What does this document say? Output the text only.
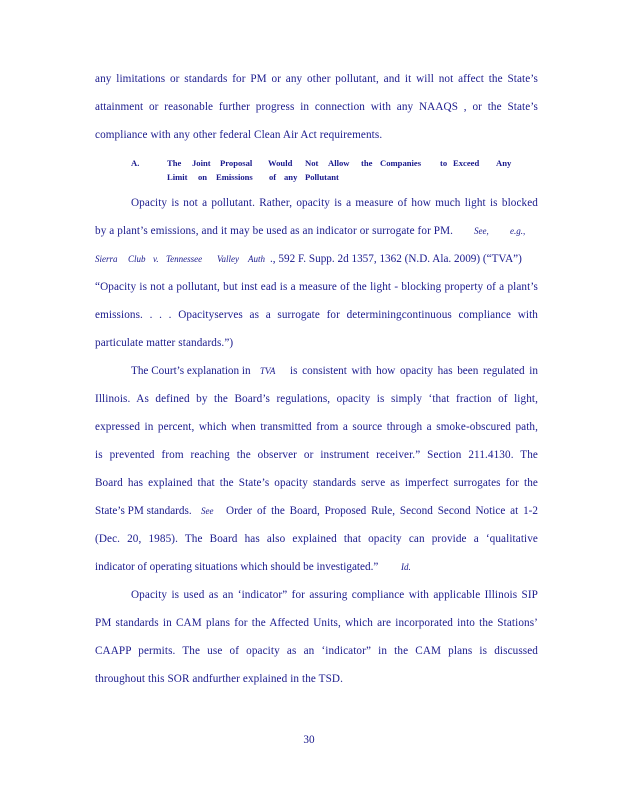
any limitations or standards for PM or any other pollutant, and it will not affect the State’s
attainment or reasonable further progress in connection with any NAAQS , or the State’s
compliance with any other federal Clean Air Act requirements.
A.	The Joint Proposal Would Not Allow the Companies to Exceed Any
Limit on Emissions of any Pollutant
Opacity is not a pollutant. Rather, opacity is a measure of how much light is blocked
by a plant’s emissions, and it may be used as an indicator or surrogate for PM. See, e.g.,
Sierra Club v. Tennessee Valley Auth ., 592 F. Supp. 2d 1357, 1362 (N.D. Ala. 2009) (“TVA”)
“Opacity is not a pollutant, but inst ead is a measure of the light - blocking property of a plant’s
emissions. . . . Opacityserves as a surrogate for determiningcontinuous compliance with
particulate matter standards.”)
The Court’s explanation in TVA is consistent with how opacity has been regulated in
Illinois. As defined by the Board’s regulations, opacity is simply ‘that fraction of light,
expressed in percent, which when transmitted from a source through a smoke-obscured path,
is prevented from reaching the observer or instrument receiver.” Section 211.4130. The
Board has explained that the State’s opacity standards serve as imperfect surrogates for the
State’s PM standards. See Order of the Board, Proposed Rule, Second Second Notice at 1-2
(Dec. 20, 1985). The Board has also explained that opacity can provide a ‘qualitative
indicator of operating situations which should be investigated.”	Id.
Opacity is used as an ‘indicator” for assuring compliance with applicable Illinois SIP
PM standards in CAM plans for the Affected Units, which are incorporated into the Stations’
CAAPP permits. The use of opacity as an ‘indicator” in the CAM plans is discussed
throughout this SOR andfurther explained in the TSD.
30
